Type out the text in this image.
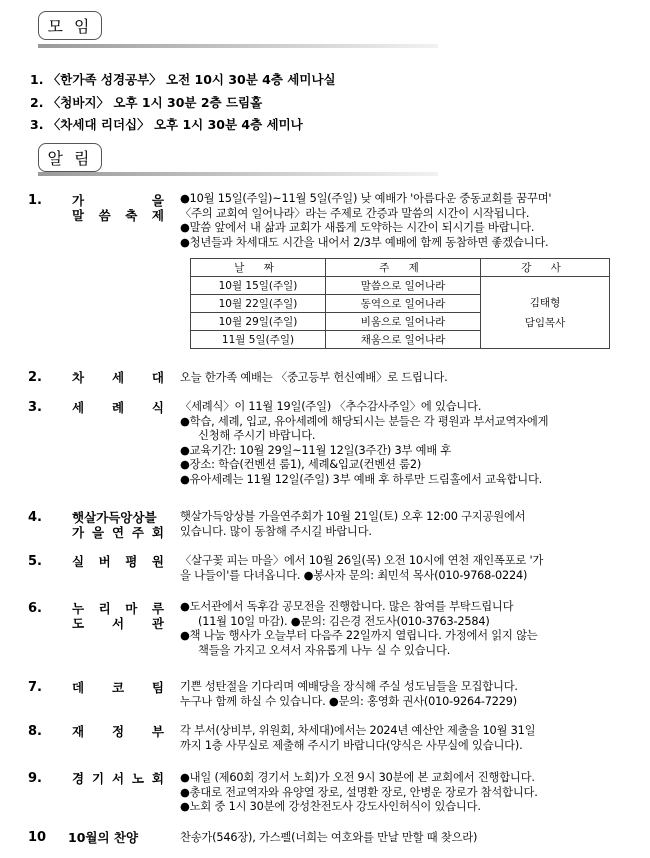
모 임
1. 〈한가족 성경공부〉 오전 10시 30분 4층 세미나실
2. 〈청바지〉 오후 1시 30분 2층 드림홀
3. 〈차세대 리더십〉 오후 1시 30분 4층 세미나
알 림
1. 가 을
말 씀 축 제
●10월 15일(주일)~11월 5일(주일) 낮 예배가 '아름다운 중동교회를 꿈꾸며'
〈주의 교회여 일어나라〉라는 주제로 간증과 말씀의 시간이 시작됩니다.
●말씀 앞에서 내 삶과 교회가 새롭게 도약하는 시간이 되시기를 바랍니다.
●청년들과 차세대도 시간을 내어서 2/3부 예배에 함께 동참하면 좋겠습니다.
날 짜	주 제	강 사
10월 15일(주일)	말씀으로 일어나라	김태형
담임목사

10월 22일(주일)	동역으로 일어나라	
10월 29일(주일)	비움으로 일어나라	
11월 5일(주일)	채움으로 일어나라	
2. 차 세 대 오늘 한가족 예배는 〈중고등부 헌신예배〉로 드립니다.
3. 세 례 식 〈세례식〉이 11월 19일(주일) 〈추수감사주일〉에 있습니다.
●학습, 세례, 입교, 유아세례에 해당되시는 분들은 각 평원과 부서교역자에게
신청해 주시기 바랍니다.
●교육기간: 10월 29일~11월 12일(3주간) 3부 예배 후
●장소: 학습(컨벤션 룸1), 세례&입교(컨벤션 룸2)
●유아세례는 11월 12일(주일) 3부 예배 후 하루만 드림홀에서 교육합니다.
4. 햇살가득앙상블
가 을 연 주 회
햇살가득앙상블 가을연주회가 10월 21일(토) 오후 12:00 구지공원에서
있습니다. 많이 동참해 주시길 바랍니다.
5. 실 버 평 원 〈살구꽃 피는 마을〉에서 10월 26일(목) 오전 10시에 연천 재인폭포로 '가
을 나들이'를 다녀옵니다. ●봉사자 문의: 최민석 목사(010-9768-0224)
6. 누 리 마 루
도 서 관
●도서관에서 독후감 공모전을 진행합니다. 많은 참여를 부탁드립니다
(11월 10일 마감). ●문의: 김은경 전도사(010-3763-2584)
●책 나눔 행사가 오늘부터 다음주 22일까지 열립니다. 가정에서 읽지 않는
책들을 가지고 오셔서 자유롭게 나누 실 수 있습니다.
7. 데 코 팀 기쁜 성탄절을 기다리며 예배당을 장식해 주실 성도님들을 모집합니다.
누구나 함께 하실 수 있습니다. ●문의: 홍영화 권사(010-9264-7229)
8. 재 정 부 각 부서(상비부, 위원회, 차세대)에서는 2024년 예산안 제출을 10월 31일
까지 1층 사무실로 제출해 주시기 바랍니다(양식은 사무실에 있습니다).
9. 경 기 서 노 회 ●내일 (제60회 경기서 노회)가 오전 9시 30분에 본 교회에서 진행합니다.
●총대로 전교역자와 유양열 장로, 설명환 장로, 안병운 장로가 참석합니다.
●노회 중 1시 30분에 강성찬전도사 강도사인허식이 있습니다.
10 10월의 찬양	찬송가(546장), 가스펠(너희는 여호와를 만날 만할 때 찾으라)
